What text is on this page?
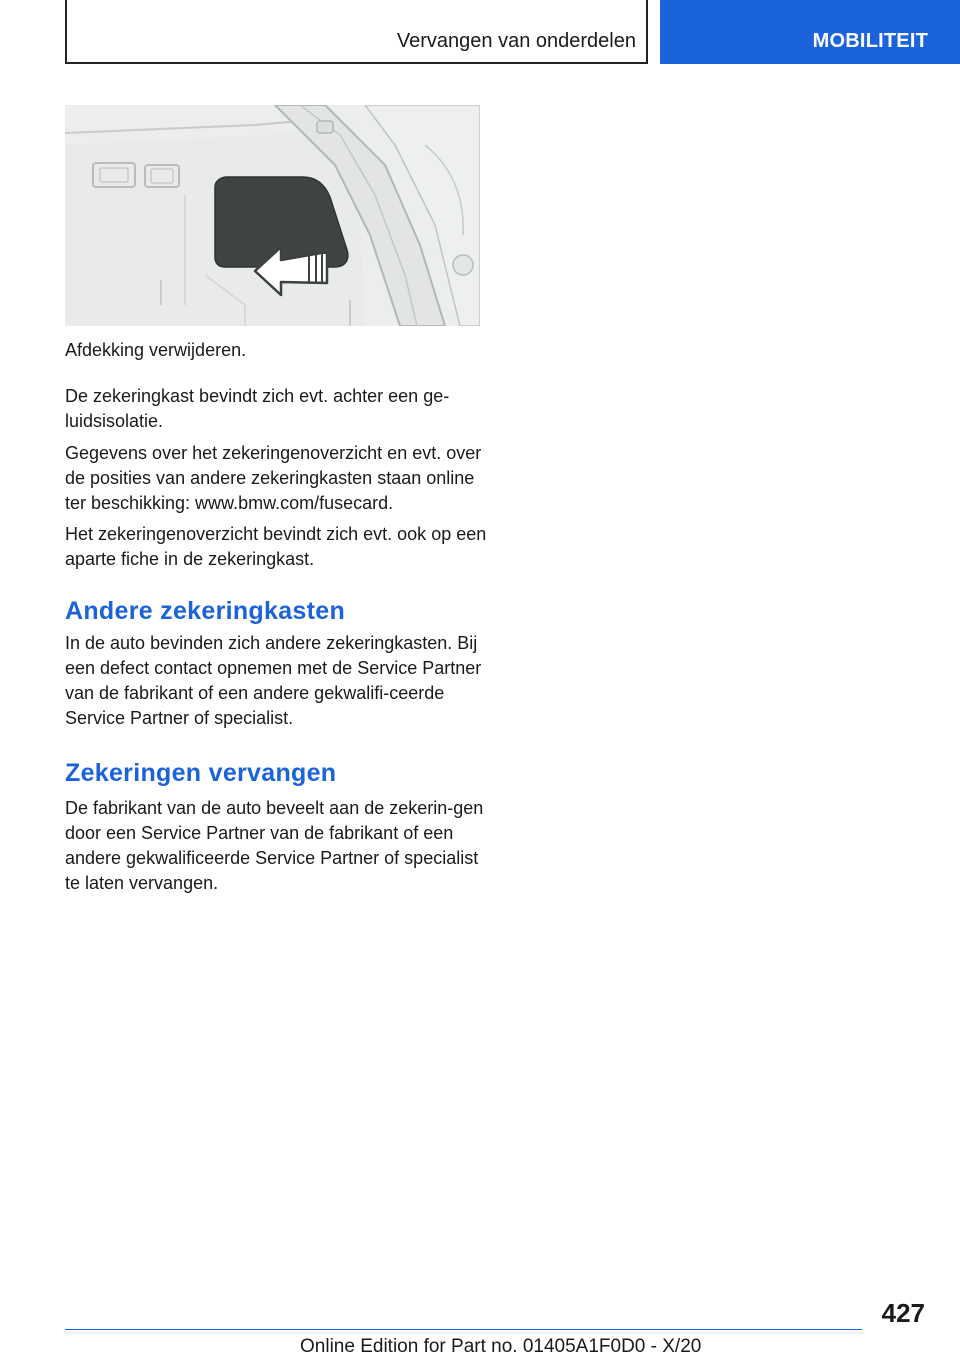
Vervangen van onderdelen	MOBILITEIT

Afdekking verwijderen.

De zekeringkast bevindt zich evt. achter een ge-luidsisolatie.

Gegevens over het zekeringenoverzicht en evt. over de posities van andere zekeringkasten staan online ter beschikking: www.bmw.com/fusecard.

Het zekeringenoverzicht bevindt zich evt. ook op een aparte fiche in de zekeringkast.

Andere zekeringkasten

In de auto bevinden zich andere zekeringkasten. Bij een defect contact opnemen met de Service Partner van de fabrikant of een andere gekwalifi-ceerde Service Partner of specialist.

Zekeringen vervangen

De fabrikant van de auto beveelt aan de zekerin-gen door een Service Partner van de fabrikant of een andere gekwalificeerde Service Partner of specialist te laten vervangen.

427
Online Edition for Part no. 01405A1F0D0 - X/20
